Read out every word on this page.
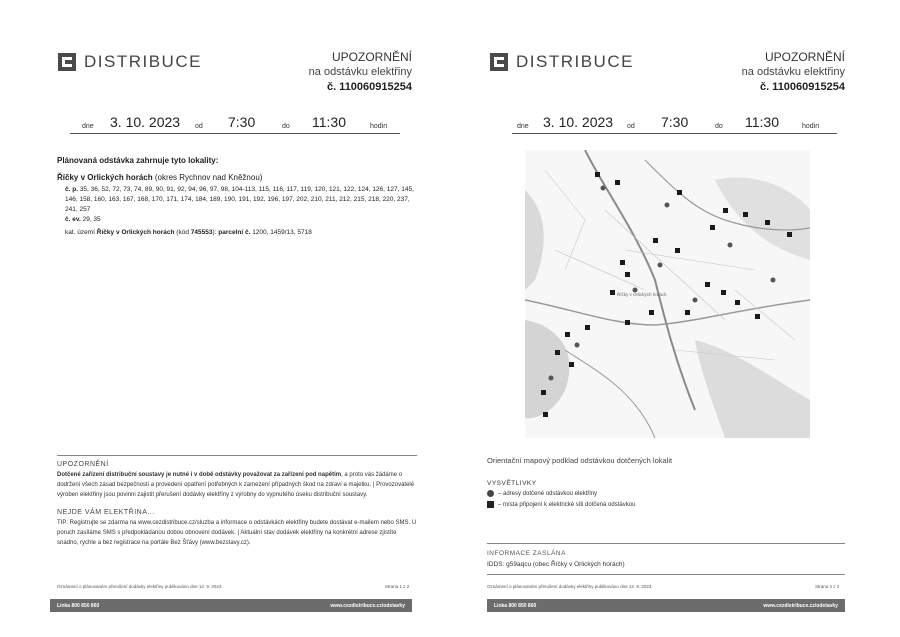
DISTRIBUCE	UPOZORNĚNÍ
na odstávku elektřiny
č. 110060915254
dne 3. 10. 2023 od 7:30	do 11:30	hodin
Plánovaná odstávka zahrnuje tyto lokality:
Říčky v Orlických horách (okres Rychnov nad Kněžnou)
č. p. 35, 36, 52, 72, 73, 74, 89, 90, 91, 92, 94, 96, 97, 98, 104-113, 115, 116, 117, 119, 120, 121, 122, 124, 126, 127, 145, 146, 158, 160, 163, 167, 168, 170, 171, 174, 184, 189, 190, 191, 192, 196, 197, 202, 210, 211, 212, 215, 218, 220, 237, 241, 257
č. ev. 29, 35
kat. území Říčky v Orlických horách (kód 745553): parcelní č. 1200, 1459/13, 5718
UPOZORNĚNÍ
Dotčené zařízení distribuční soustavy je nutné i v době odstávky považovat za zařízení pod napětím, a proto vás žádáme o dodržení všech zásad bezpečnosti a provedení opatření potřebných k zamezení případných škod na zdraví a majetku. | Provozovatelé výroben elektřiny jsou povinni zajistit přerušení dodávky elektřiny z výrobny do vypnutého úseku distribuční soustavy.
NEJDE VÁM ELEKTŘINA...
TIP: Registrujte se zdarma na www.cezdistribuce.cz/sluzba a informace o odstávkách elektřiny budete dostávat e-mailem nebo SMS. U poruch zasíláme SMS s předpokládanou dobou obnovení dodávek. | Aktuální stav dodávek elektřiny na konkrétní adrese zjistíte snadno, rychle a bez registrace na portále Bez Šťávy (www.bezstavy.cz).
Oznámení o plánovaném přerušení dodávky elektřiny publikováno dne 12. 9. 2023.	Strana 1 z 2
Linka 800 850 860	www.cezdistribuce.cz/odstavky
DISTRIBUCE	UPOZORNĚNÍ
na odstávku elektřiny
č. 110060915254
dne 3. 10. 2023 od 7:30	do 11:30	hodin
Říčky v Orlických horách
Orientační mapový podklad odstávkou dotčených lokalit
VYSVĚTLIVKY
– adresy dotčené odstávkou elektřiny
– místa připojení k elektrické síti dotčená odstávkou
INFORMACE ZASLÁNA
IDDS: g59aqcu (obec Říčky v Orlických horách)
Oznámení o plánovaném přerušení dodávky elektřiny publikováno dne 12. 9. 2023.	Strana 2 z 2
Linka 800 850 860	www.cezdistribuce.cz/odstavky
